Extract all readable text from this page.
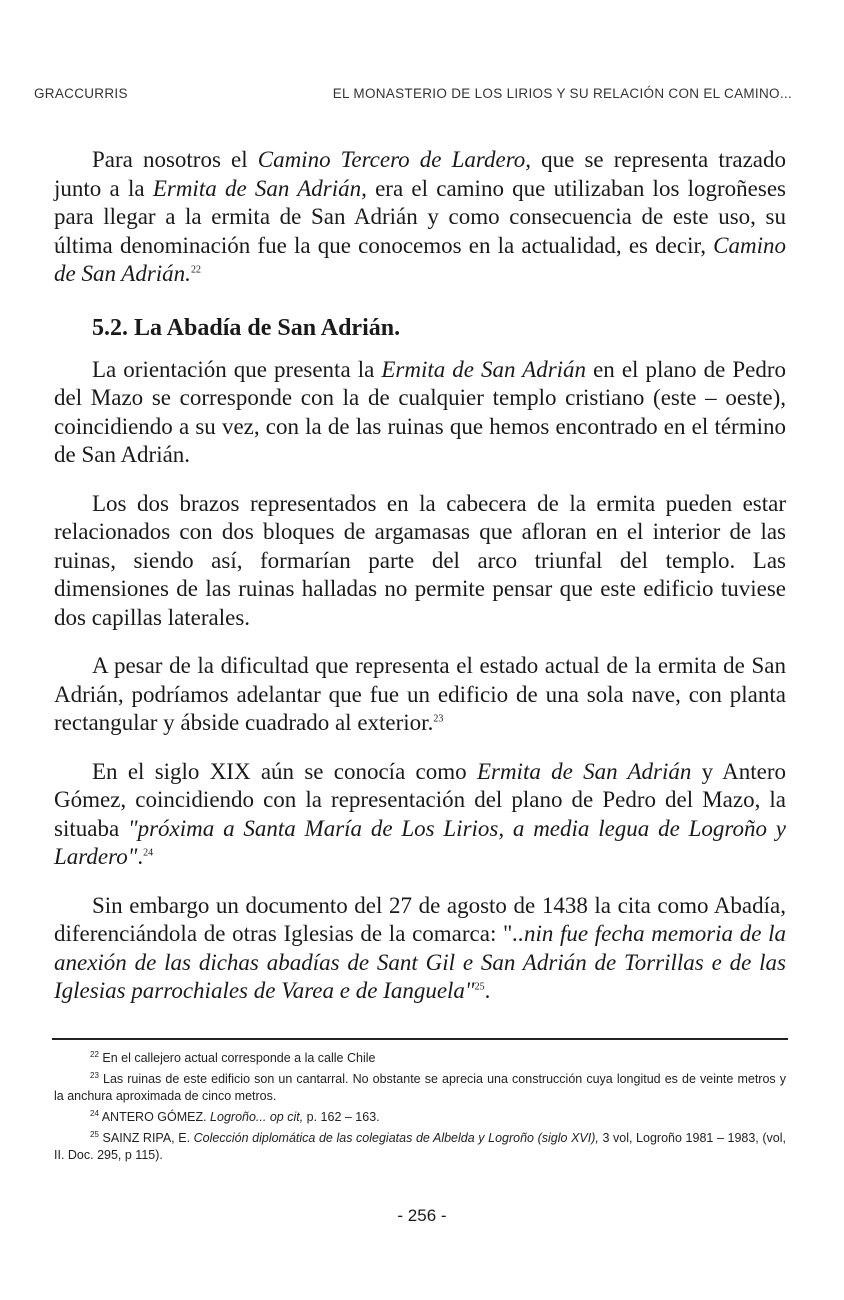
GRACCURRIS	EL MONASTERIO DE LOS LIRIOS Y SU RELACIÓN CON EL CAMINO...

Para nosotros el Camino Tercero de Lardero, que se representa trazado junto a la Ermita de San Adrián, era el camino que utilizaban los logroñeses para llegar a la ermita de San Adrián y como consecuencia de este uso, su última denominación fue la que conocemos en la actualidad, es decir, Camino de San Adrián.$^{22}$

5.2. La Abadía de San Adrián.

La orientación que presenta la Ermita de San Adrián en el plano de Pedro del Mazo se corresponde con la de cualquier templo cristiano (este – oeste), coincidiendo a su vez, con la de las ruinas que hemos encontrado en el término de San Adrián.

Los dos brazos representados en la cabecera de la ermita pueden estar relacionados con dos bloques de argamasas que afloran en el interior de las ruinas, siendo así, formarían parte del arco triunfal del templo. Las dimensiones de las ruinas halladas no permite pensar que este edificio tuviese dos capillas laterales.

A pesar de la dificultad que representa el estado actual de la ermita de San Adrián, podríamos adelantar que fue un edificio de una sola nave, con planta rectangular y ábside cuadrado al exterior.$^{23}$

En el siglo XIX aún se conocía como Ermita de San Adrián y Antero Gómez, coincidiendo con la representación del plano de Pedro del Mazo, la situaba "próxima a Santa María de Los Lirios, a media legua de Logroño y Lardero".$^{24}$

Sin embargo un documento del 27 de agosto de 1438 la cita como Abadía, diferenciándola de otras Iglesias de la comarca: "..nin fue fecha memoria de la anexión de las dichas abadías de Sant Gil e San Adrián de Torrillas e de las Iglesias parrochiales de Varea e de Ianguela"$^{25}$.

$^{22}$ En el callejero actual corresponde a la calle Chile
$^{23}$ Las ruinas de este edificio son un cantarral. No obstante se aprecia una construcción cuya longitud es de veinte metros y la anchura aproximada de cinco metros.
$^{24}$ ANTERO GÓMEZ. Logroño... op cit, p. 162 – 163.
$^{25}$ SAINZ RIPA, E. Colección diplomática de las colegiatas de Albelda y Logroño (siglo XVI), 3 vol, Logroño 1981 – 1983, (vol, II. Doc. 295, p 115).
- 256 -
